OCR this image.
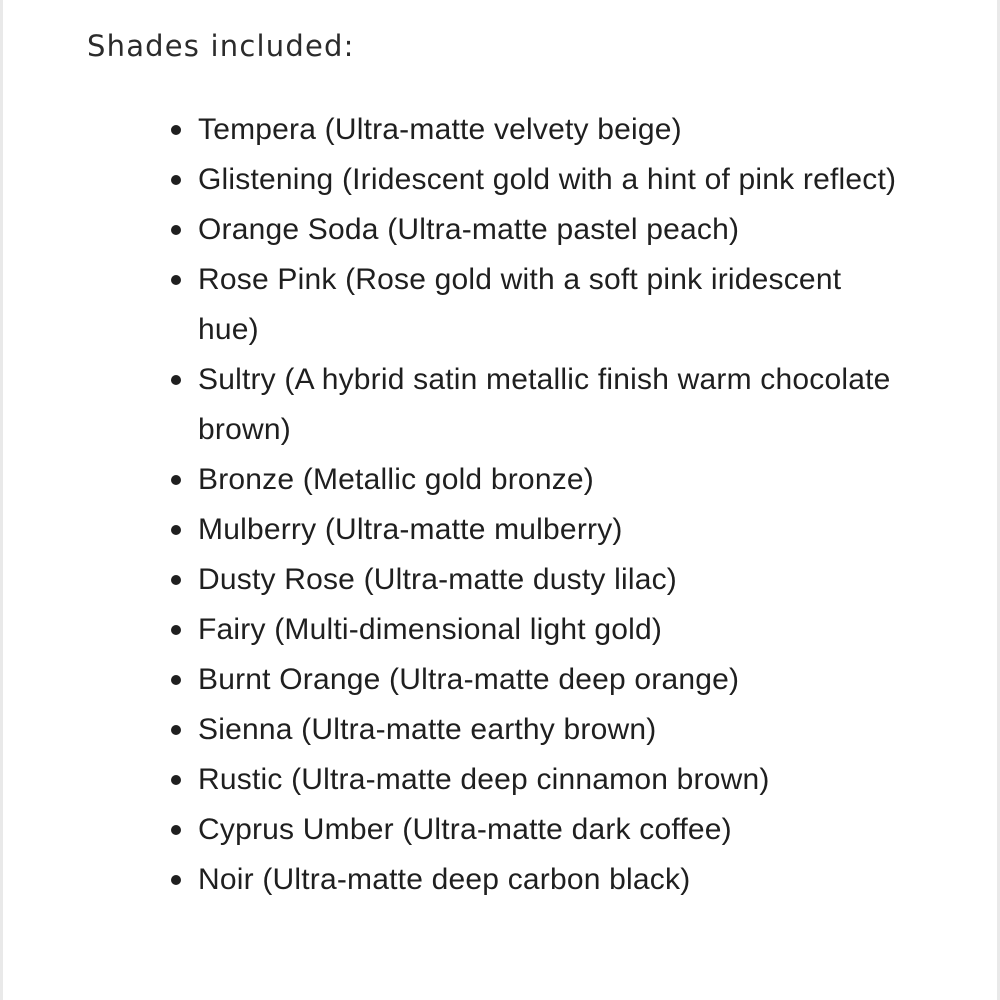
Shades included:

Tempera (Ultra-matte velvety beige)
Glistening (Iridescent gold with a hint of pink reflect)
Orange Soda (Ultra-matte pastel peach)
Rose Pink (Rose gold with a soft pink iridescent hue)
Sultry (A hybrid satin metallic finish warm chocolate brown)
Bronze (Metallic gold bronze)
Mulberry (Ultra-matte mulberry)
Dusty Rose (Ultra-matte dusty lilac)
Fairy (Multi-dimensional light gold)
Burnt Orange (Ultra-matte deep orange)
Sienna (Ultra-matte earthy brown)
Rustic (Ultra-matte deep cinnamon brown)
Cyprus Umber (Ultra-matte dark coffee)
Noir (Ultra-matte deep carbon black)
